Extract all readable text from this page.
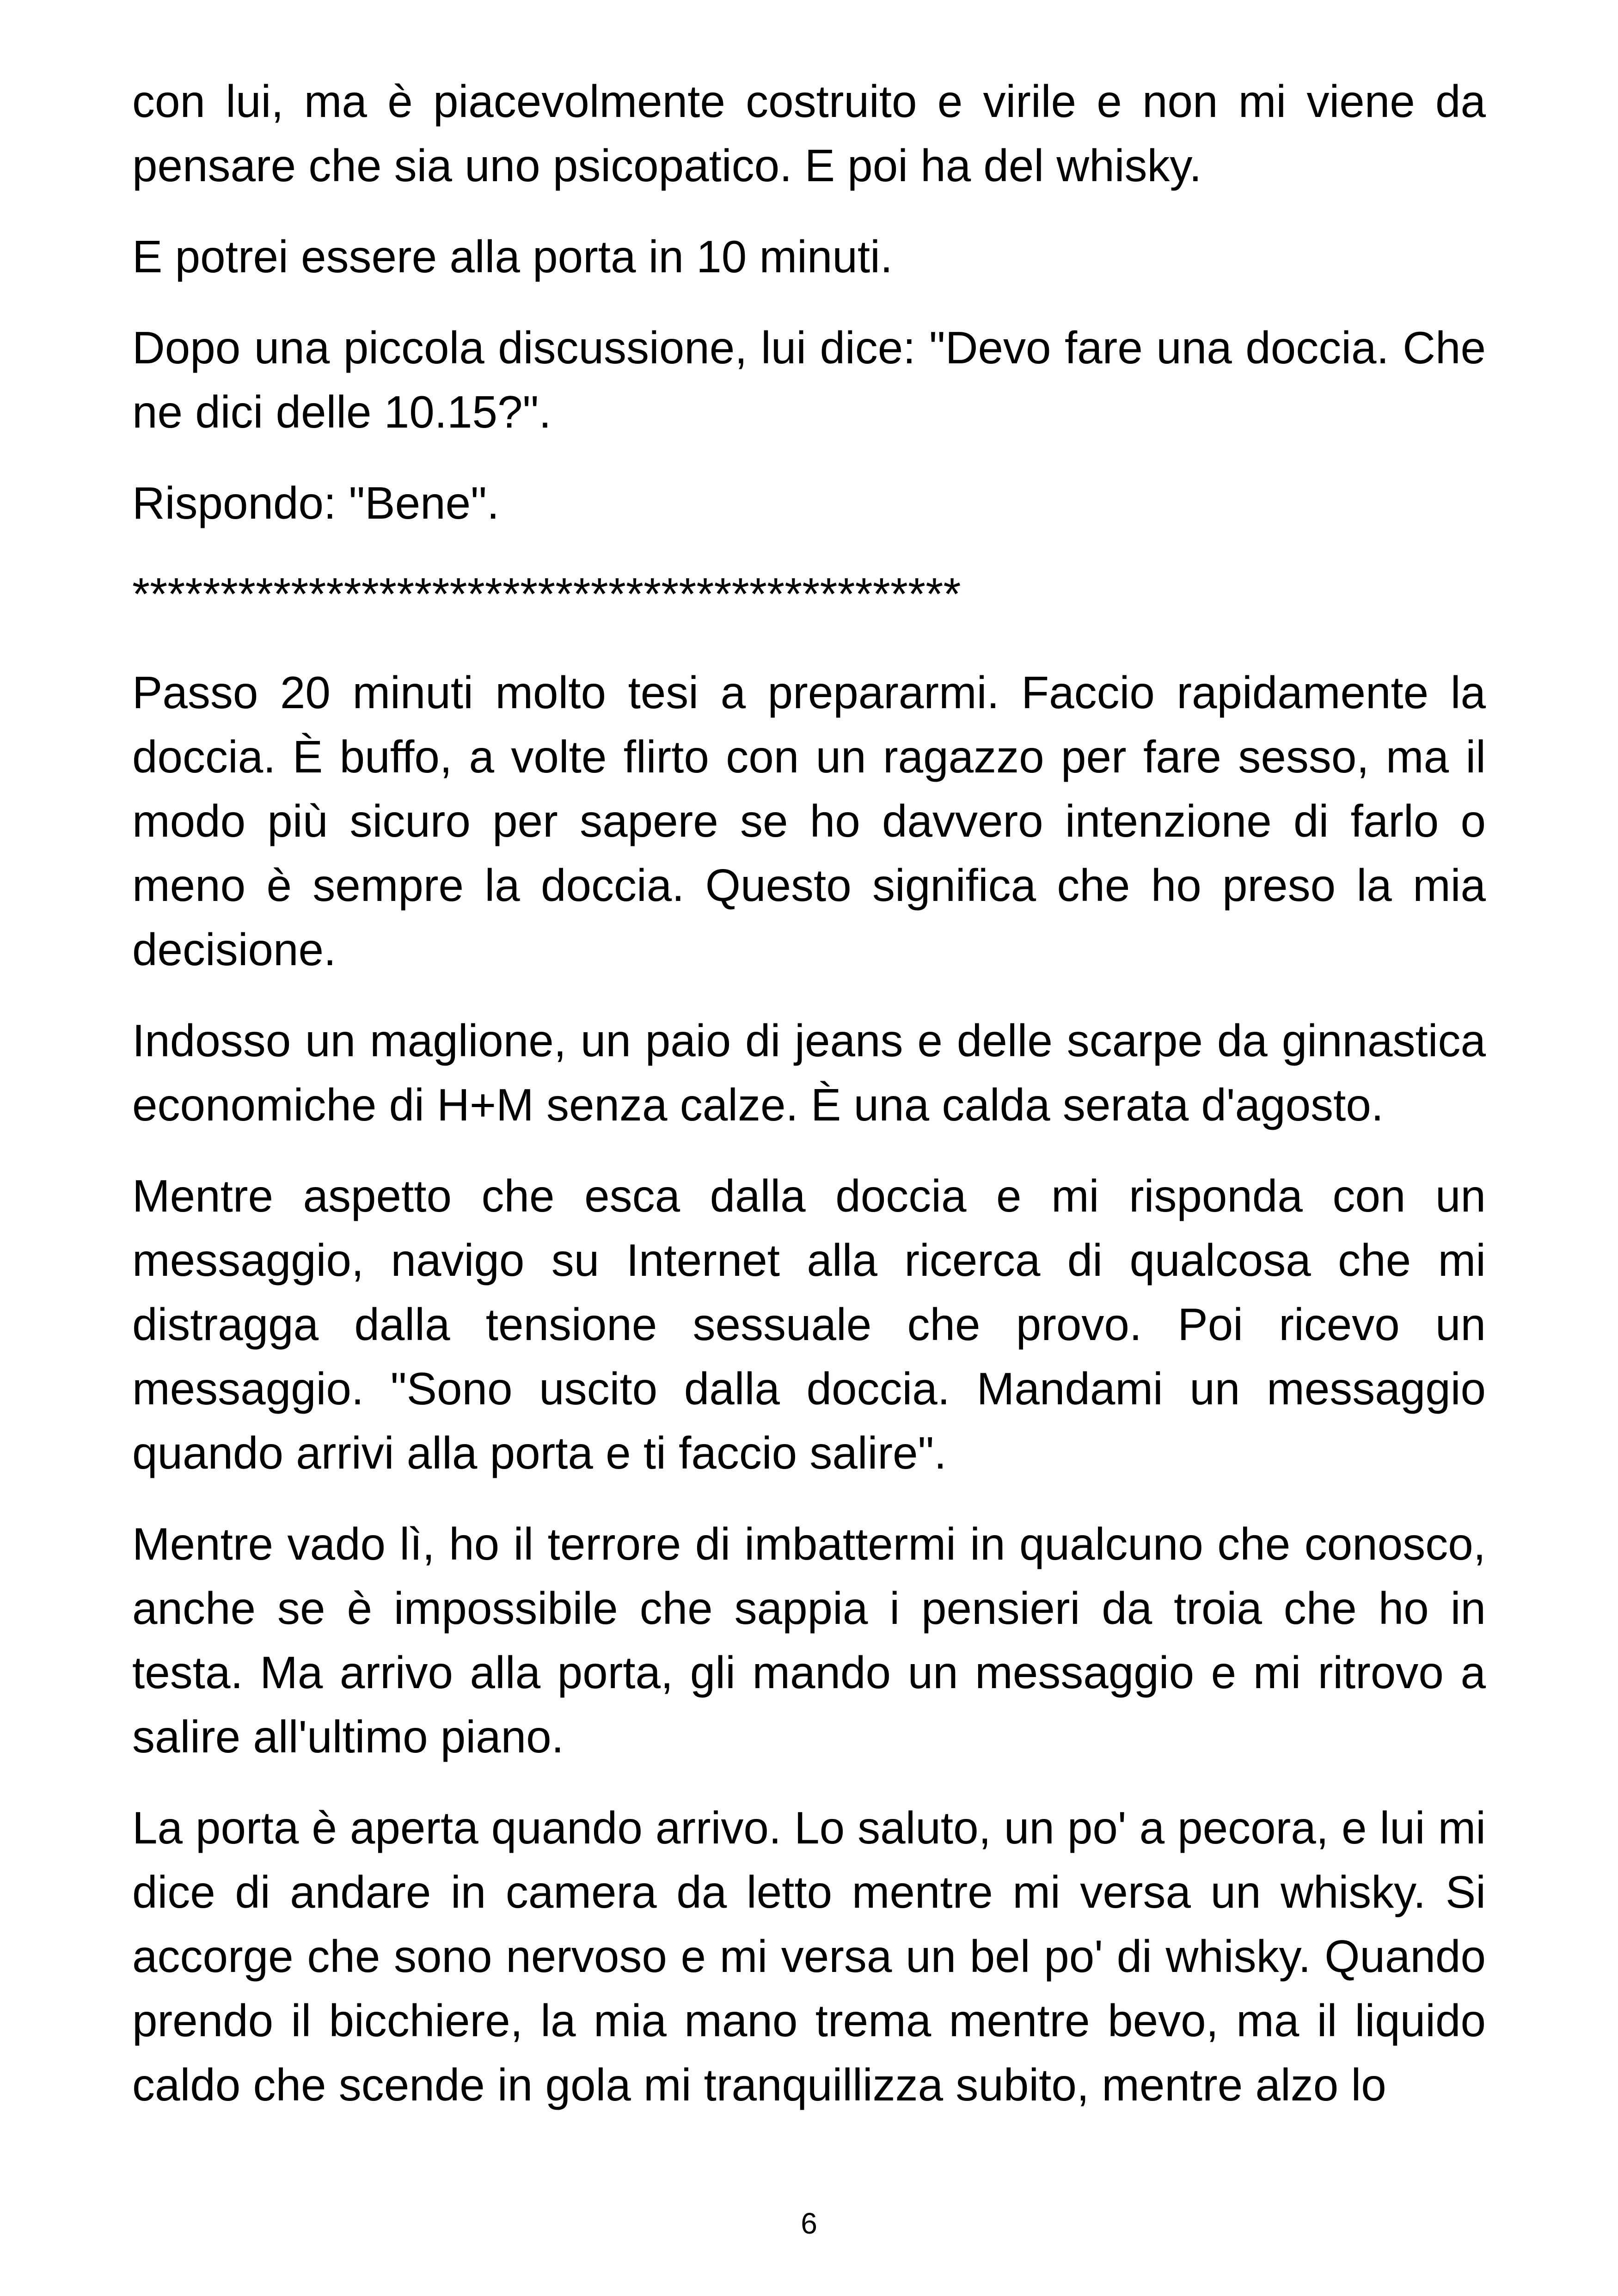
con lui, ma è piacevolmente costruito e virile e non mi viene da pensare che sia uno psicopatico. E poi ha del whisky.

E potrei essere alla porta in 10 minuti.

Dopo una piccola discussione, lui dice: "Devo fare una doccia. Che ne dici delle 10.15?".

Rispondo: "Bene".

***********************************************

Passo 20 minuti molto tesi a prepararmi. Faccio rapidamente la doccia. È buffo, a volte flirto con un ragazzo per fare sesso, ma il modo più sicuro per sapere se ho davvero intenzione di farlo o meno è sempre la doccia. Questo significa che ho preso la mia decisione.

Indosso un maglione, un paio di jeans e delle scarpe da ginnastica economiche di H+M senza calze. È una calda serata d'agosto.

Mentre aspetto che esca dalla doccia e mi risponda con un messaggio, navigo su Internet alla ricerca di qualcosa che mi distragga dalla tensione sessuale che provo. Poi ricevo un messaggio. "Sono uscito dalla doccia. Mandami un messaggio quando arrivi alla porta e ti faccio salire".

Mentre vado lì, ho il terrore di imbattermi in qualcuno che conosco, anche se è impossibile che sappia i pensieri da troia che ho in testa. Ma arrivo alla porta, gli mando un messaggio e mi ritrovo a salire all'ultimo piano.

La porta è aperta quando arrivo. Lo saluto, un po' a pecora, e lui mi dice di andare in camera da letto mentre mi versa un whisky. Si accorge che sono nervoso e mi versa un bel po' di whisky. Quando prendo il bicchiere, la mia mano trema mentre bevo, ma il liquido caldo che scende in gola mi tranquillizza subito, mentre alzo lo

6
